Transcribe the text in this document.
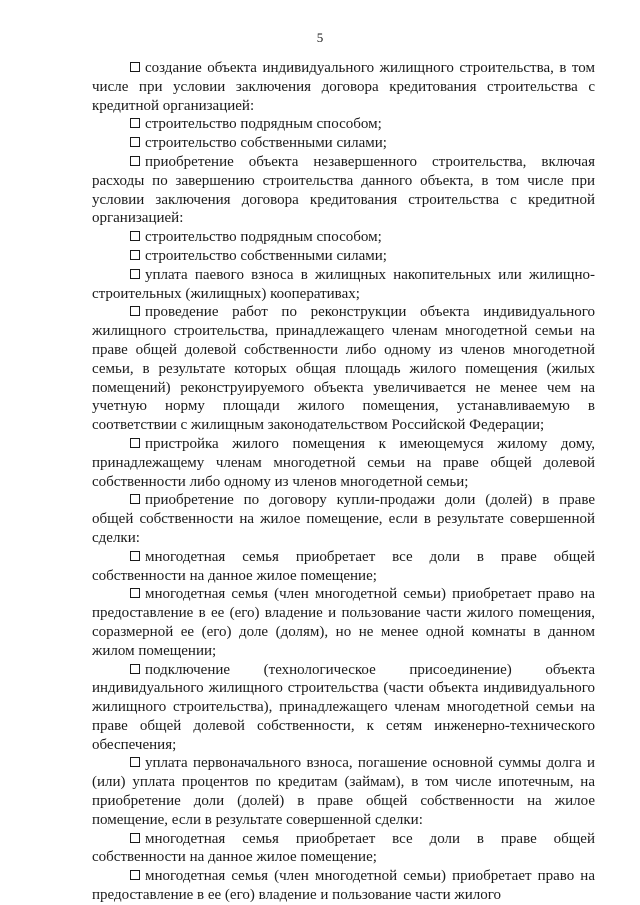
5

создание объекта индивидуального жилищного строительства, в том числе при условии заключения договора кредитования строительства с кредитной организацией:

строительство подрядным способом;

строительство собственными силами;

приобретение объекта незавершенного строительства, включая расходы по завершению строительства данного объекта, в том числе при условии заключения договора кредитования строительства с кредитной организацией:

строительство подрядным способом;

строительство собственными силами;

уплата паевого взноса в жилищных накопительных или жилищно-строительных (жилищных) кооперативах;

проведение работ по реконструкции объекта индивидуального жилищного строительства, принадлежащего членам многодетной семьи на праве общей долевой собственности либо одному из членов многодетной семьи, в результате которых общая площадь жилого помещения (жилых помещений) реконструируемого объекта увеличивается не менее чем на учетную норму площади жилого помещения, устанавливаемую в соответствии с жилищным законодательством Российской Федерации;

пристройка жилого помещения к имеющемуся жилому дому, принадлежащему членам многодетной семьи на праве общей долевой собственности либо одному из членов многодетной семьи;

приобретение по договору купли-продажи доли (долей) в праве общей собственности на жилое помещение, если в результате совершенной сделки:

многодетная семья приобретает все доли в праве общей собственности на данное жилое помещение;

многодетная семья (член многодетной семьи) приобретает право на предоставление в ее (его) владение и пользование части жилого помещения, соразмерной ее (его) доле (долям), но не менее одной комнаты в данном жилом помещении;

подключение (технологическое присоединение) объекта индивидуального жилищного строительства (части объекта индивидуального жилищного строительства), принадлежащего членам многодетной семьи на праве общей долевой собственности, к сетям инженерно-технического обеспечения;

уплата первоначального взноса, погашение основной суммы долга и (или) уплата процентов по кредитам (займам), в том числе ипотечным, на приобретение доли (долей) в праве общей собственности на жилое помещение, если в результате совершенной сделки:

многодетная семья приобретает все доли в праве общей собственности на данное жилое помещение;

многодетная семья (член многодетной семьи) приобретает право на предоставление в ее (его) владение и пользование части жилого
